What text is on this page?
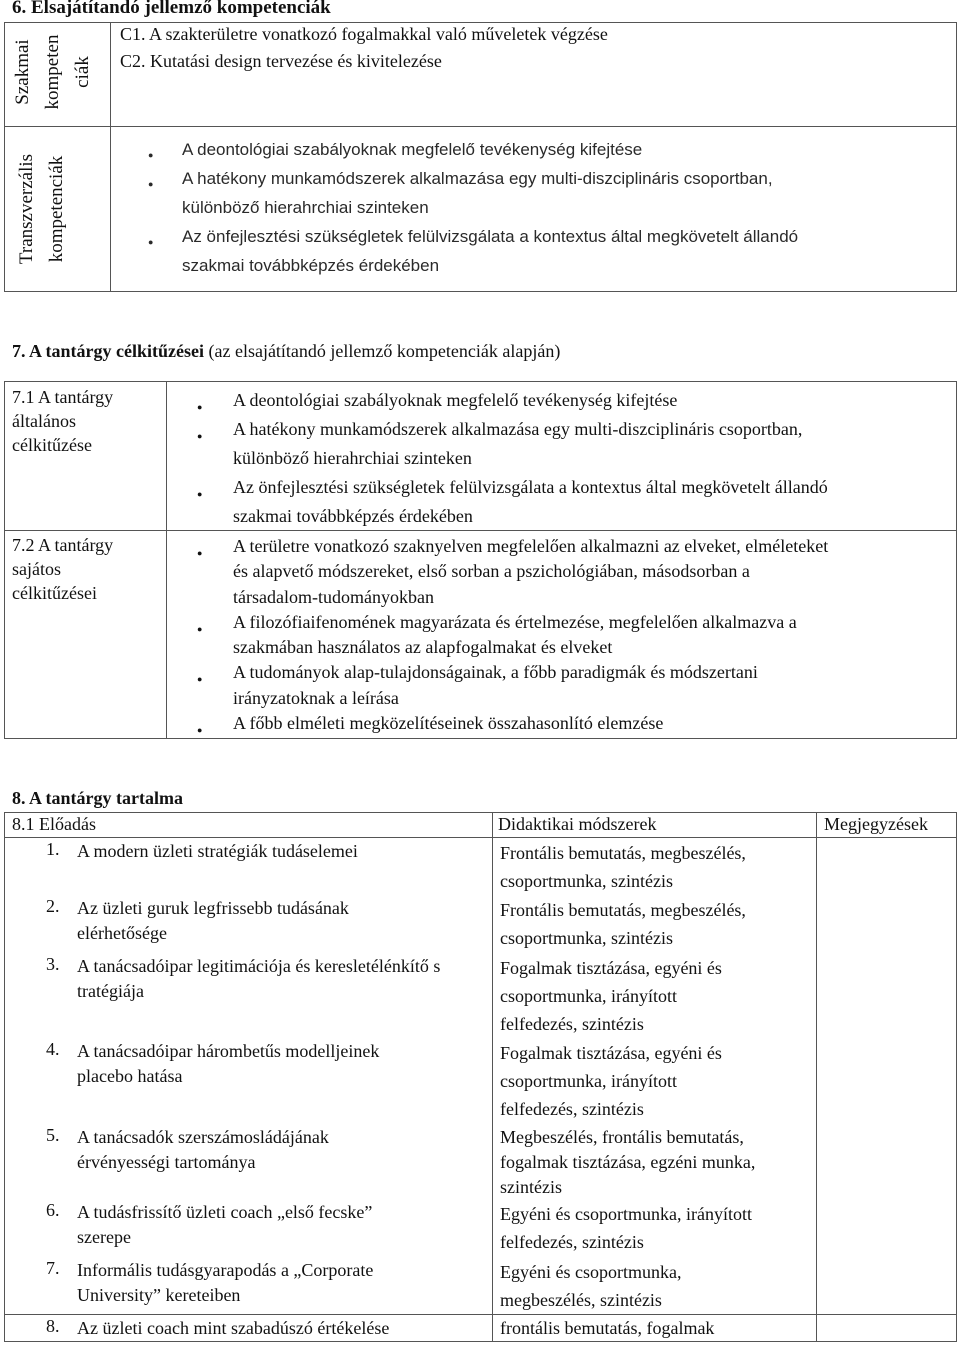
6. Elsajátítandó jellemző kompetenciák
Szakmai kompeten ciák
C1. A szakterületre vonatkozó fogalmakkal való műveletek végzése
C2. Kutatási design tervezése és kivitelezése
Transzverzális kompetenciák
● A deontológiai szabályoknak megfelelő tevékenység kifejtése
● A hatékony munkamódszerek alkalmazása egy multi-diszciplináris csoportban,
különböző hierahrchiai szinteken
● Az önfejlesztési szükségletek felülvizsgálata a kontextus által megkövetelt állandó
szakmai továbbképzés érdekében
7. A tantárgy célkitűzései (az elsajátítandó jellemző kompetenciák alapján)
7.1 A tantárgy
általános
célkitűzése
● A deontológiai szabályoknak megfelelő tevékenység kifejtése
● A hatékony munkamódszerek alkalmazása egy multi-diszciplináris csoportban,
különböző hierahrchiai szinteken
● Az önfejlesztési szükségletek felülvizsgálata a kontextus által megkövetelt állandó
szakmai továbbképzés érdekében
7.2 A tantárgy
sajátos
célkitűzései
● A területre vonatkozó szaknyelven megfelelően alkalmazni az elveket, elméleteket
és alapvető módszereket, első sorban a pszichológiában, másodsorban a
társadalom-tudományokban
● A filozófiaifenomének magyarázata és értelmezése, megfelelően alkalmazva a
szakmában használatos az alapfogalmakat és elveket
● A tudományok alap-tulajdonságainak, a főbb paradigmák és módszertani
irányzatoknak a leírása
● A főbb elméleti megközelítéseinek összahasonlító elemzése
8. A tantárgy tartalma
8.1 Előadás	Didaktikai módszerek	Megjegyzések
1. A modern üzleti stratégiák tudáselemei	Frontális bemutatás, megbeszélés,
csoportmunka, szintézis
2. Az üzleti guruk legfrissebb tudásának
elérhetősége
Frontális bemutatás, megbeszélés,
csoportmunka, szintézis
3. A tanácsadóipar legitimációja és keresletélénkítő stratégiája
Fogalmak tisztázása, egyéni és
csoportmunka, irányított
felfedezés, szintézis
4. A tanácsadóipar hárombetűs modelljeinek
placebo hatása
Fogalmak tisztázása, egyéni és
csoportmunka, irányított
felfedezés, szintézis
5. A tanácsadók szerszámosládájának
érvényességi tartománya
Megbeszélés, frontális bemutatás,
fogalmak tisztázása, egzéni munka,
szintézis
6. A tudásfrissítő üzleti coach „első fecske”
szerepe
Egyéni és csoportmunka, irányított
felfedezés, szintézis
7. Informális tudásgyarapodás a „Corporate
University” kereteiben
Egyéni és csoportmunka,
megbeszélés, szintézis
8. Az üzleti coach mint szabadúszó értékelése	frontális bemutatás, fogalmak
